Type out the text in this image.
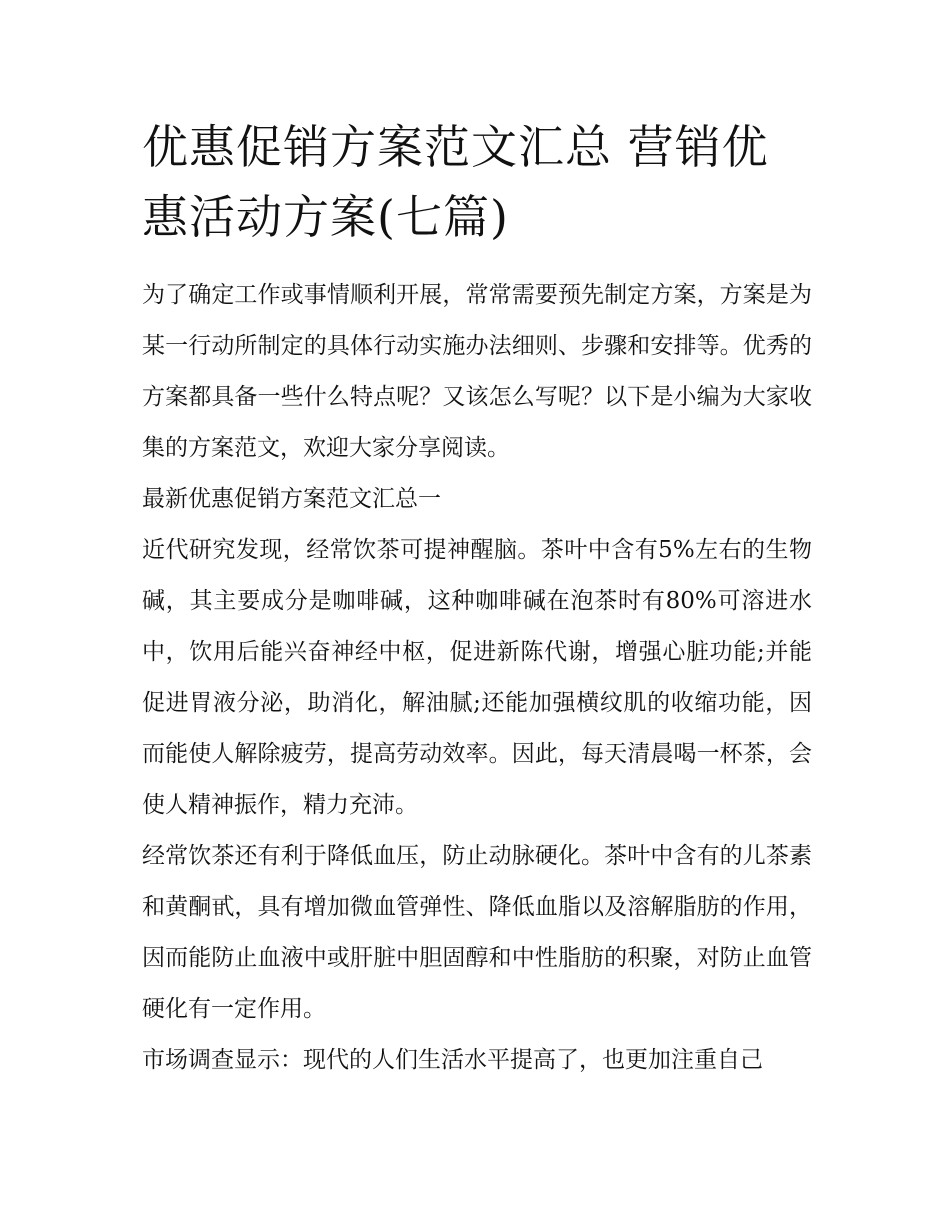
优惠促销方案范文汇总 营销优惠活动方案(七篇)

为了确定工作或事情顺利开展，常常需要预先制定方案，方案是为某一行动所制定的具体行动实施办法细则、步骤和安排等。优秀的方案都具备一些什么特点呢？又该怎么写呢？以下是小编为大家收集的方案范文，欢迎大家分享阅读。

最新优惠促销方案范文汇总一

近代研究发现，经常饮茶可提神醒脑。茶叶中含有5%左右的生物碱，其主要成分是咖啡碱，这种咖啡碱在泡茶时有80%可溶进水中，饮用后能兴奋神经中枢，促进新陈代谢，增强心脏功能;并能促进胃液分泌，助消化，解油腻;还能加强横纹肌的收缩功能，因而能使人解除疲劳，提高劳动效率。因此，每天清晨喝一杯茶，会使人精神振作，精力充沛。

经常饮茶还有利于降低血压，防止动脉硬化。茶叶中含有的儿茶素和黄酮甙，具有增加微血管弹性、降低血脂以及溶解脂肪的作用，因而能防止血液中或肝脏中胆固醇和中性脂肪的积聚，对防止血管硬化有一定作用。

市场调查显示：现代的人们生活水平提高了，也更加注重自己
